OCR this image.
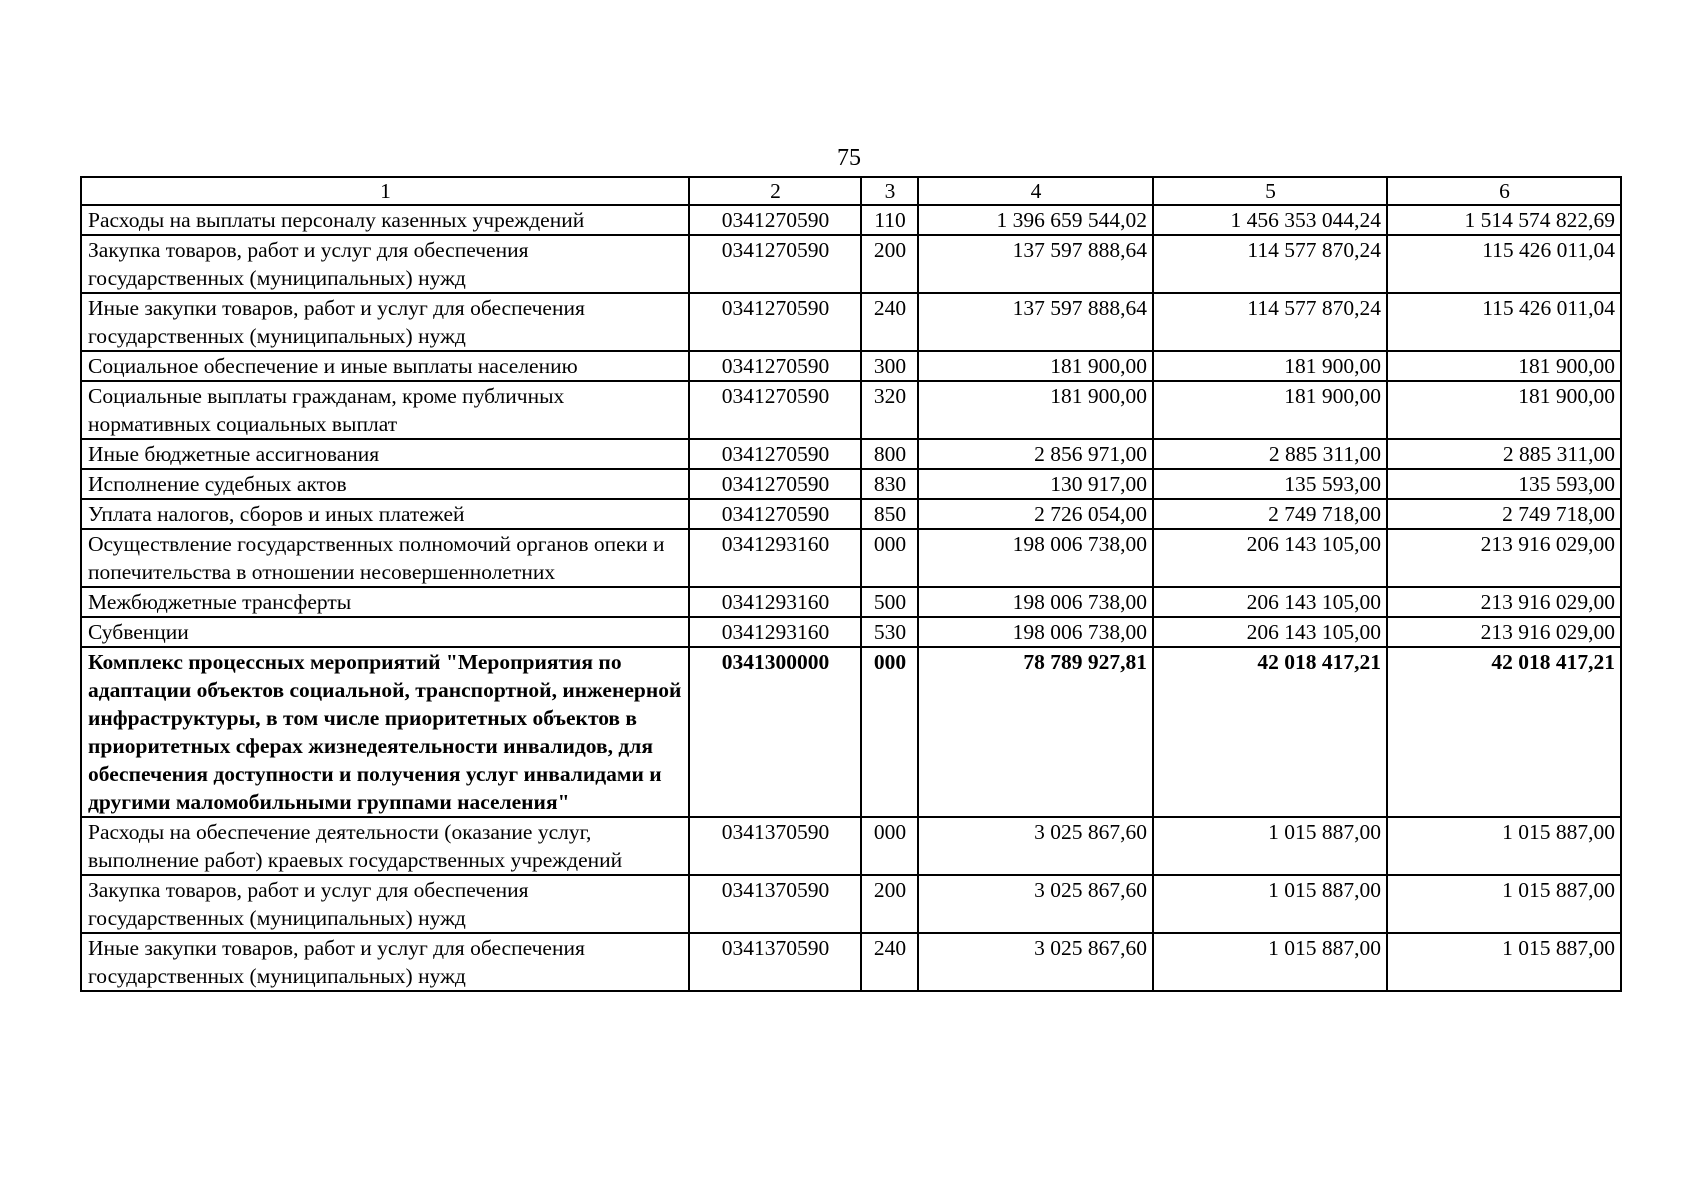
75
1	2	3	4	5	6
Расходы на выплаты персоналу казенных учреждений	0341270590	110	1 396 659 544,02	1 456 353 044,24	1 514 574 822,69
Закупка товаров, работ и услуг для обеспечения государственных (муниципальных) нужд	0341270590	200	137 597 888,64	114 577 870,24	115 426 011,04
Иные закупки товаров, работ и услуг для обеспечения государственных (муниципальных) нужд	0341270590	240	137 597 888,64	114 577 870,24	115 426 011,04
Социальное обеспечение и иные выплаты населению	0341270590	300	181 900,00	181 900,00	181 900,00
Социальные выплаты гражданам, кроме публичных нормативных социальных выплат	0341270590	320	181 900,00	181 900,00	181 900,00
Иные бюджетные ассигнования	0341270590	800	2 856 971,00	2 885 311,00	2 885 311,00
Исполнение судебных актов	0341270590	830	130 917,00	135 593,00	135 593,00
Уплата налогов, сборов и иных платежей	0341270590	850	2 726 054,00	2 749 718,00	2 749 718,00
Осуществление государственных полномочий органов опеки и попечительства в отношении несовершеннолетних	0341293160	000	198 006 738,00	206 143 105,00	213 916 029,00
Межбюджетные трансферты	0341293160	500	198 006 738,00	206 143 105,00	213 916 029,00
Субвенции	0341293160	530	198 006 738,00	206 143 105,00	213 916 029,00
Комплекс процессных мероприятий "Мероприятия по адаптации объектов социальной, транспортной, инженерной инфраструктуры, в том числе приоритетных объектов в приоритетных сферах жизнедеятельности инвалидов, для обеспечения доступности и получения услуг инвалидами и другими маломобильными группами населения"	0341300000	000	78 789 927,81	42 018 417,21	42 018 417,21
Расходы на обеспечение деятельности (оказание услуг, выполнение работ) краевых государственных учреждений	0341370590	000	3 025 867,60	1 015 887,00	1 015 887,00
Закупка товаров, работ и услуг для обеспечения государственных (муниципальных) нужд	0341370590	200	3 025 867,60	1 015 887,00	1 015 887,00
Иные закупки товаров, работ и услуг для обеспечения государственных (муниципальных) нужд	0341370590	240	3 025 867,60	1 015 887,00	1 015 887,00
